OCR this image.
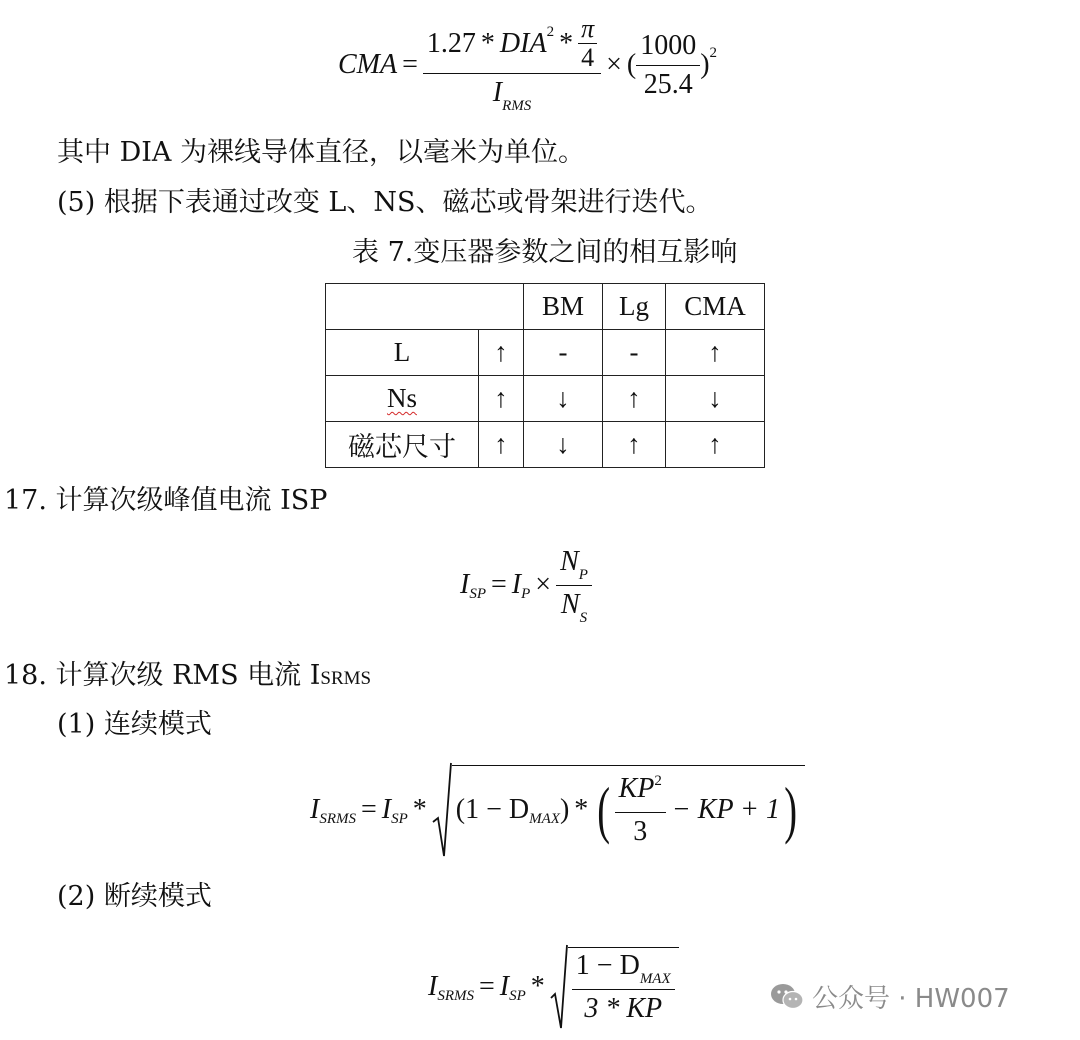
CMA = $\frac{1.27 * DIA 2 * \frac{\pi}{4}}{I_{RMS}}$ × ( $\frac{1000}{25.4}$ ) 2
其中 DIA 为裸线导体直径，以毫米为单位。
(5) 根据下表通过改变 L、NS、磁芯或骨架进行迭代。
表 7.变压器参数之间的相互影响
		BM	Lg	CMA
L	↑	-	-	↑
Ns	↑	↓	↑	↓
磁芯尺寸	↑	↓	↑	↑
17. 计算次级峰值电流 ISP
I SP = I $P \times \frac{N_P}{N_S}$
18. 计算次级 RMS 电流 ISRMS
(1) 连续模式
I SRMS = I SP * (1 − D MAX ) * ( $\frac{KP^2}{3}$ − KP + 1 )
(2) 断续模式
I SRMS = I SP * $\frac{1 - D_{MAX}}{3 * KP}$	公众号 · HW007
